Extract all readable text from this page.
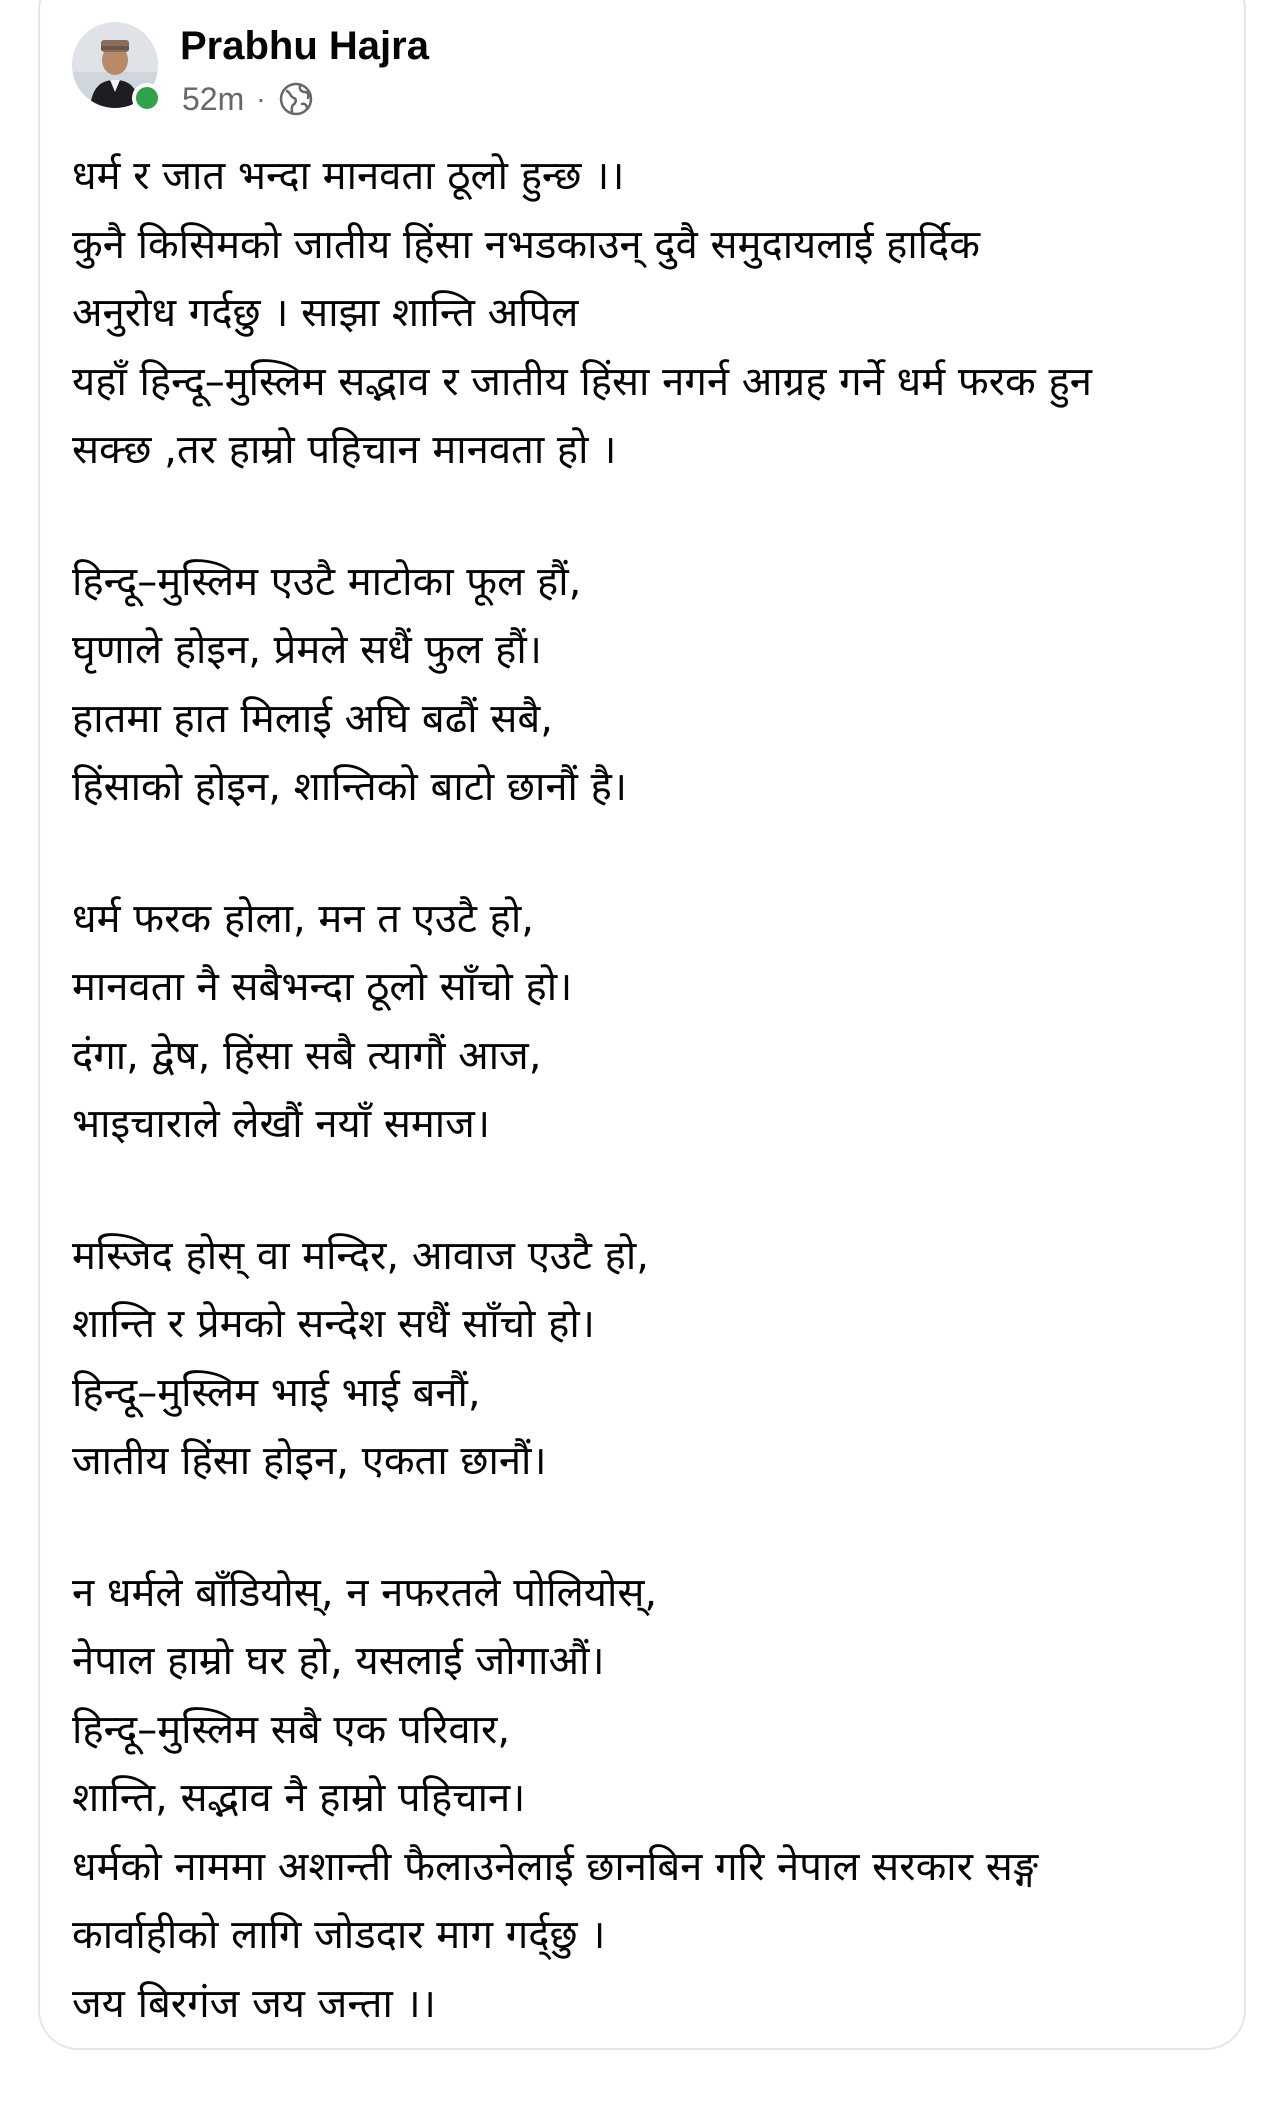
Prabhu Hajra
52m ·
धर्म र जात भन्दा मानवता ठूलो हुन्छ ।।
कुनै किसिमको जातीय हिंसा नभडकाउन् दुवै समुदायलाई हार्दिक
अनुरोध गर्दछु । साझा शान्ति अपिल
यहाँ हिन्दू–मुस्लिम सद्भाव र जातीय हिंसा नगर्न आग्रह गर्ने धर्म फरक हुन
सक्छ ,तर हाम्रो पहिचान मानवता हो ।
हिन्दू–मुस्लिम एउटै माटोका फूल हौं,
घृणाले होइन, प्रेमले सधैं फुल हौं।
हातमा हात मिलाई अघि बढौं सबै,
हिंसाको होइन, शान्तिको बाटो छानौं है।
धर्म फरक होला, मन त एउटै हो,
मानवता नै सबैभन्दा ठूलो साँचो हो।
दंगा, द्वेष, हिंसा सबै त्यागौं आज,
भाइचाराले लेखौं नयाँ समाज।
मस्जिद होस् वा मन्दिर, आवाज एउटै हो,
शान्ति र प्रेमको सन्देश सधैं साँचो हो।
हिन्दू–मुस्लिम भाई भाई बनौं,
जातीय हिंसा होइन, एकता छानौं।
न धर्मले बाँडियोस्, न नफरतले पोलियोस्,
नेपाल हाम्रो घर हो, यसलाई जोगाऔं।
हिन्दू–मुस्लिम सबै एक परिवार,
शान्ति, सद्भाव नै हाम्रो पहिचान।
धर्मको नाममा अशान्ती फैलाउनेलाई छानबिन गरि नेपाल सरकार सङ्ग
कार्वाहीको लागि जोडदार माग गर्द्छु ।
जय बिरगंज जय जन्ता ।।
